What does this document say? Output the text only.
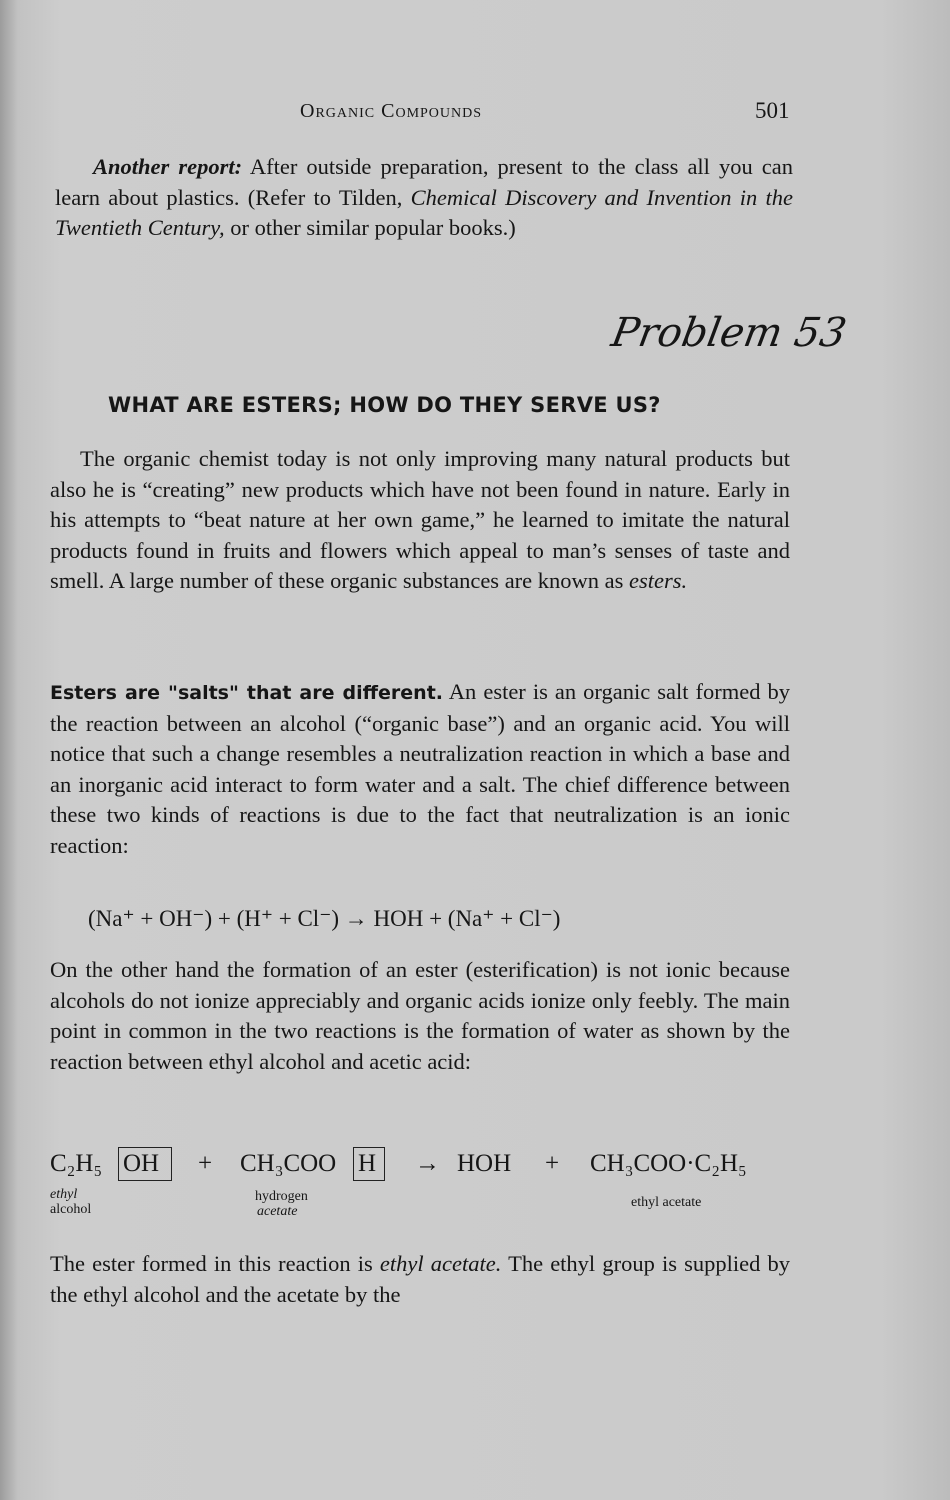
Organic Compounds	501

Another report: After outside preparation, present to the class all you can learn about plastics. (Refer to Tilden, Chemical Discovery and Invention in the Twentieth Century, or other similar popular books.)

Problem 53
WHAT ARE ESTERS; HOW DO THEY SERVE US?

The organic chemist today is not only improving many natural products but also he is “creating” new products which have not been found in nature. Early in his attempts to “beat nature at her own game,” he learned to imitate the natural products found in fruits and flowers which appeal to man’s senses of taste and smell. A large number of these organic substances are known as esters.

Esters are "salts" that are different. An ester is an organic salt formed by the reaction between an alcohol (“organic base”) and an organic acid. You will notice that such a change resembles a neutralization reaction in which a base and an inorganic acid interact to form water and a salt. The chief difference between these two kinds of reactions is due to the fact that neutralization is an ionic reaction:

(Na⁺ + OH⁻) + (H⁺ + Cl⁻) → HOH + (Na⁺ + Cl⁻)

On the other hand the formation of an ester (esterification) is not ionic because alcohols do not ionize appreciably and organic acids ionize only feebly. The main point in common in the two reactions is the formation of water as shown by the reaction between ethyl alcohol and acetic acid:

C₂H₅ OH + CH₃COO H → HOH + CH₃COO·C₂H₅
ethyl
alcohol
hydrogen
acetate
ethyl acetate

The ester formed in this reaction is ethyl acetate. The ethyl group is supplied by the ethyl alcohol and the acetate by the
